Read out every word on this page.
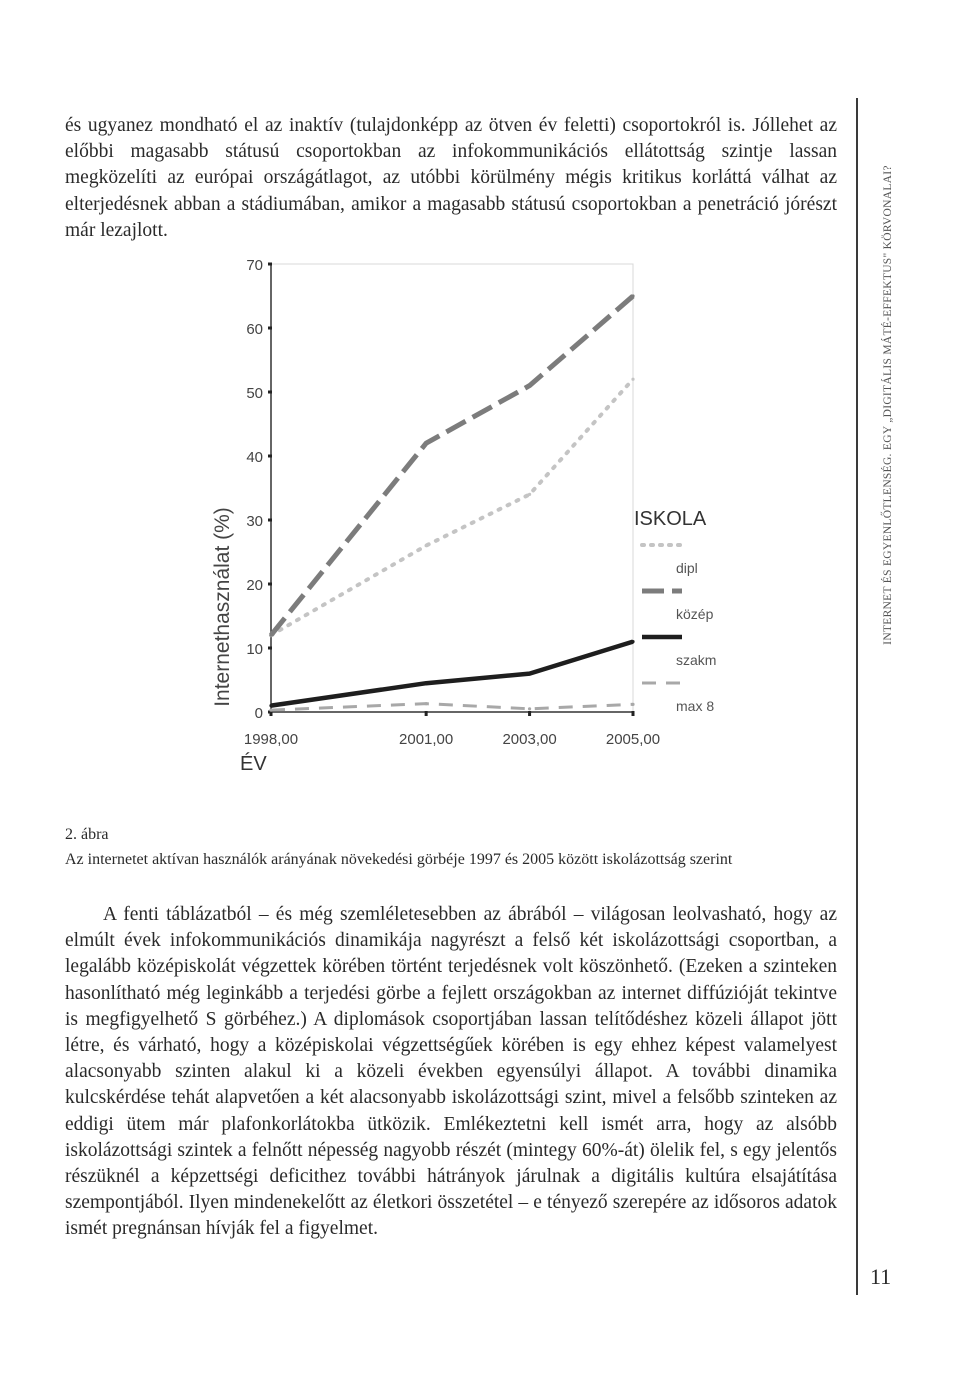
és ugyanez mondható el az inaktív (tulajdonképp az ötven év feletti) csoportokról is. Jóllehet az előbbi magasabb státusú csoportokban az infokommunikációs ellátottság szintje lassan megközelíti az európai országátlagot, az utóbbi körülmény mégis kritikus korláttá válhat az elterjedésnek abban a stádiumában, amikor a magasabb státusú csoportokban a penetráció jórészt már lezajlott.

0
10
20
30
40
50
60
70
1998,00	2001,00	2003,00	2005,00
dipl
közép
szakm
max 8
Internethasználat (%)
ÉV
ISKOLA
2. ábra
Az internetet aktívan használók arányának növekedési görbéje 1997 és 2005 között iskolázottság szerint

A fenti táblázatból – és még szemléletesebben az ábrából – világosan leolvasható, hogy az elmúlt évek infokommunikációs dinamikája nagyrészt a felső két iskolázottsági csoportban, a legalább középiskolát végzettek körében történt terjedésnek volt köszönhető. (Ezeken a szinteken hasonlítható még leginkább a terjedési görbe a fejlett országokban az internet diffúzióját tekintve is megfigyelhető S görbéhez.) A diplomások csoportjában lassan telítődéshez közeli állapot jött létre, és várható, hogy a középiskolai végzettségűek körében is egy ehhez képest valamelyest alacsonyabb szinten alakul ki a közeli években egyensúlyi állapot. A további dinamika kulcskérdése tehát alapvetően a két alacsonyabb iskolázottsági szint, mivel a felsőbb szinteken az eddigi ütem már plafonkorlátokba ütközik. Emlékeztetni kell ismét arra, hogy az alsóbb iskolázottsági szintek a felnőtt népesség nagyobb részét (mintegy 60%-át) ölelik fel, s egy jelentős részüknél a képzettségi deficithez további hátrányok járulnak a digitális kultúra elsajátítása szempontjából. Ilyen mindenekelőtt az életkori összetétel – e tényező szerepére az idősoros adatok ismét pregnánsan hívják fel a figyelmet.

INTERNET ÉS EGYENLŐTLENSÉG. EGY „DIGITÁLIS MÁTÉ-EFFEKTUS" KÖRVONALAI?
11
